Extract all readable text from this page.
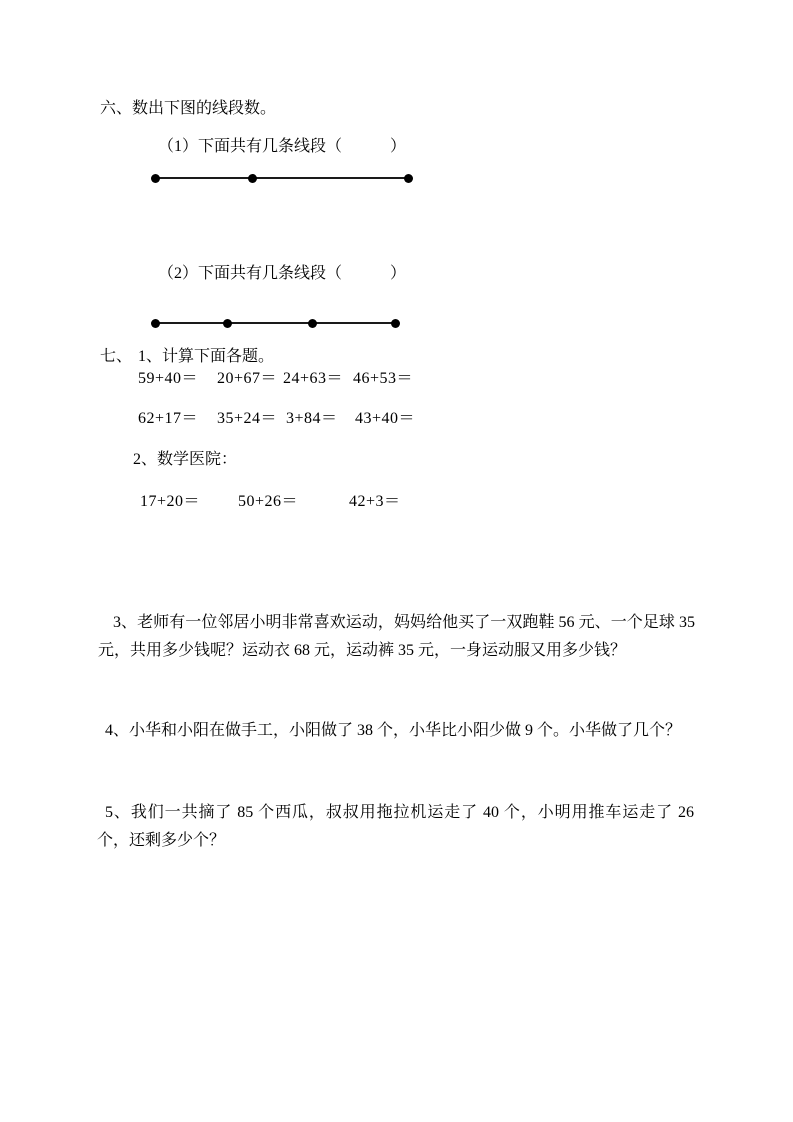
六、数出下图的线段数。
（1）下面共有几条线段（　　　）
（2）下面共有几条线段（　　　）
七、 1、计算下面各题。
59+40＝ 20+67＝ 24+63＝ 46+53＝
62+17＝ 35+24＝ 3+84＝ 43+40＝
2、数学医院：
17+20＝ 50+26＝	42+3＝
3、老师有一位邻居小明非常喜欢运动，妈妈给他买了一双跑鞋 56 元、一个足球 35 元，共用多少钱呢？运动衣 68 元，运动裤 35 元，一身运动服又用多少钱？
4、小华和小阳在做手工，小阳做了 38 个，小华比小阳少做 9 个。小华做了几个？
5、我们一共摘了 85 个西瓜，叔叔用拖拉机运走了 40 个，小明用推车运走了 26 个，还剩多少个？
